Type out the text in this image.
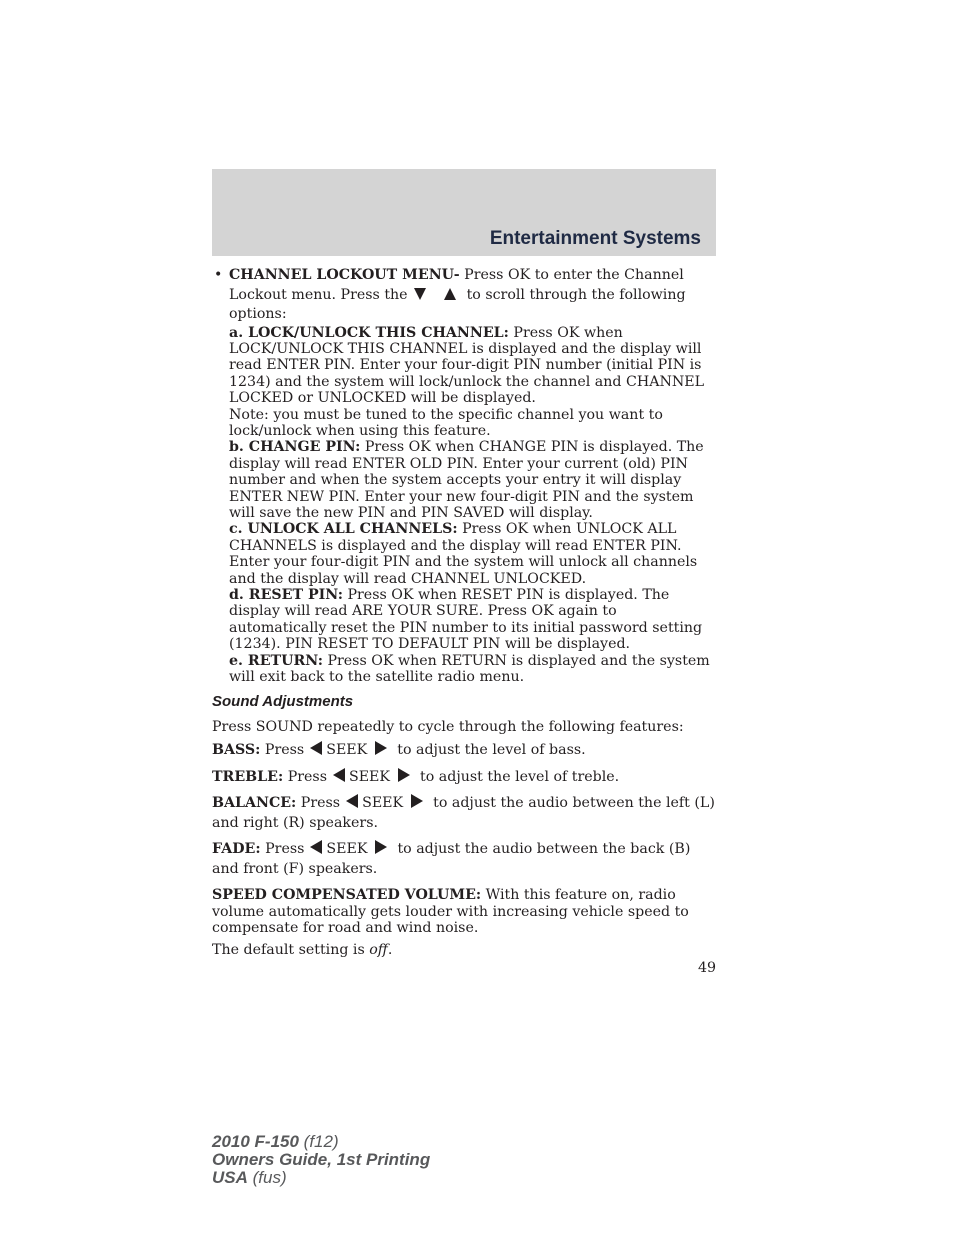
Entertainment Systems
• CHANNEL LOCKOUT MENU- Press OK to enter the Channel Lockout menu. Press the	to scroll through the following options:

a. LOCK/UNLOCK THIS CHANNEL: Press OK when LOCK/UNLOCK THIS CHANNEL is displayed and the display will read ENTER PIN. Enter your four-digit PIN number (initial PIN is 1234) and the system will lock/unlock the channel and CHANNEL LOCKED or UNLOCKED will be displayed.

Note: you must be tuned to the specific channel you want to lock/unlock when using this feature.

b. CHANGE PIN: Press OK when CHANGE PIN is displayed. The display will read ENTER OLD PIN. Enter your current (old) PIN number and when the system accepts your entry it will display ENTER NEW PIN. Enter your new four-digit PIN and the system will save the new PIN and PIN SAVED will display.

c. UNLOCK ALL CHANNELS: Press OK when UNLOCK ALL CHANNELS is displayed and the display will read ENTER PIN. Enter your four-digit PIN and the system will unlock all channels and the display will read CHANNEL UNLOCKED.

d. RESET PIN: Press OK when RESET PIN is displayed. The display will read ARE YOUR SURE. Press OK again to automatically reset the PIN number to its initial password setting (1234). PIN RESET TO DEFAULT PIN will be displayed.

e. RETURN: Press OK when RETURN is displayed and the system will exit back to the satellite radio menu.

Sound Adjustments

Press SOUND repeatedly to cycle through the following features:

BASS: Press SEEK to adjust the level of bass.

TREBLE: Press SEEK to adjust the level of treble.

BALANCE: Press SEEK to adjust the audio between the left (L) and right (R) speakers.

FADE: Press SEEK to adjust the audio between the back (B) and front (F) speakers.

SPEED COMPENSATED VOLUME: With this feature on, radio volume automatically gets louder with increasing vehicle speed to compensate for road and wind noise.

The default setting is off.

49
2010 F-150 (f12)
Owners Guide, 1st Printing
USA (fus)
